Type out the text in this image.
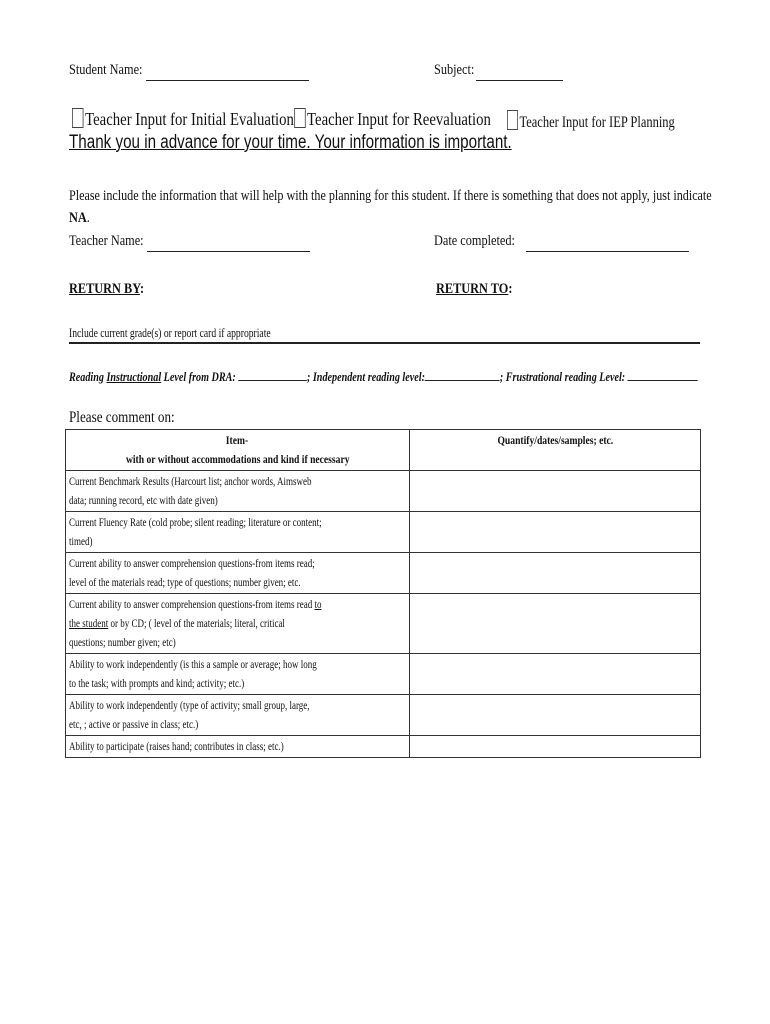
Student Name:	Subject:
Teacher Input for Initial Evaluation Teacher Input for Reevaluation	Teacher Input for IEP Planning
Thank you in advance for your time. Your information is important.
Please include the information that will help with the planning for this student. If there is something that does not apply, just indicate
NA.
Teacher Name:	Date completed:
RETURN BY:	RETURN TO:
Include current grade(s) or report card if appropriate
Reading Instructional Level from DRA:	; Independent reading level:	; Frustrational reading Level:
Please comment on:
Item-
with or without accommodations and kind if necessary	Quantify/dates/samples; etc.

Current Benchmark Results (Harcourt list; anchor words, Aimsweb
data; running record, etc with date given)	

Current Fluency Rate (cold probe; silent reading; literature or content;
timed)	

Current ability to answer comprehension questions-from items read;
level of the materials read; type of questions; number given; etc.	

Current ability to answer comprehension questions-from items read to
the student or by CD; ( level of the materials; literal, critical
questions; number given; etc)	

Ability to work independently (is this a sample or average; how long
to the task; with prompts and kind; activity; etc.)	

Ability to work independently (type of activity; small group, large,
etc, ; active or passive in class; etc.)	

Ability to participate (raises hand; contributes in class; etc.)	
